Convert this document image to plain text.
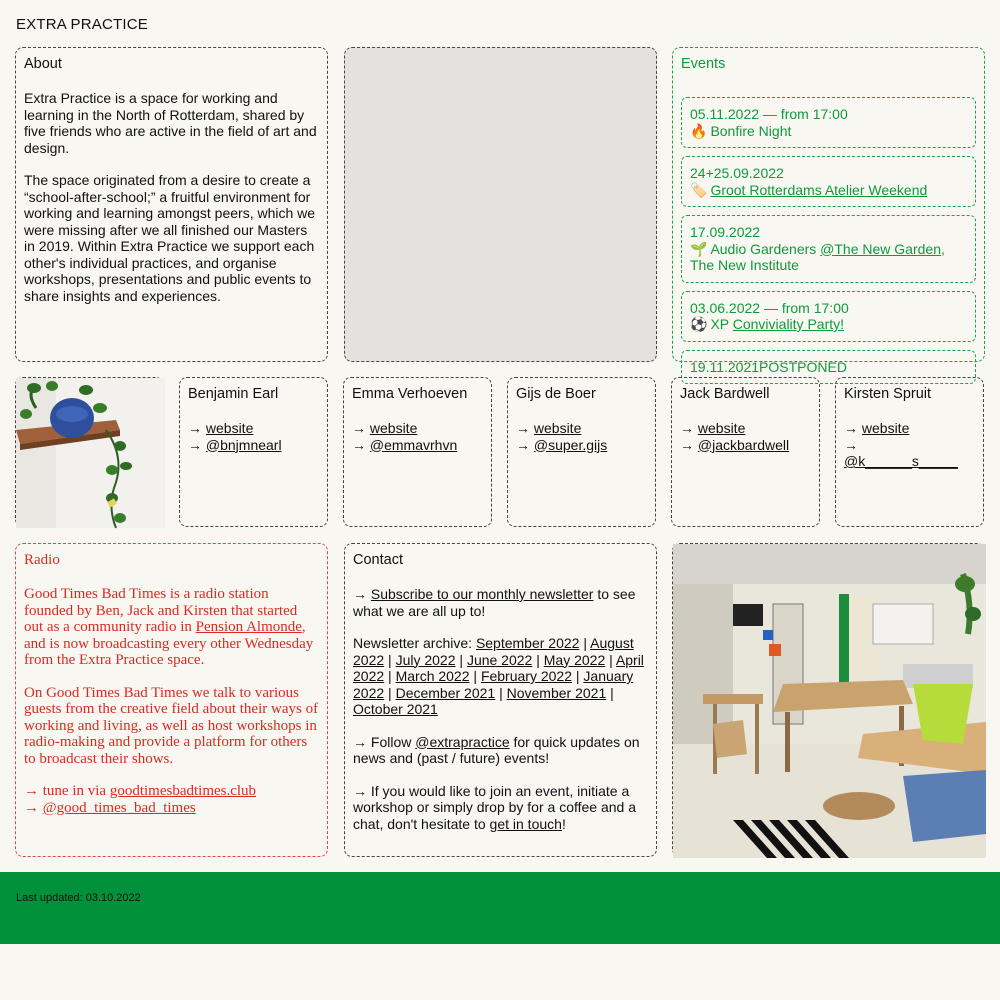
EXTRA PRACTICE
About

Extra Practice is a space for working and learning in the North of Rotterdam, shared by five friends who are active in the field of art and design.

The space originated from a desire to create a “school-after-school;” a fruitful environment for working and learning amongst peers, which we were missing after we all finished our Masters in 2019. Within Extra Practice we support each other's individual practices, and organise workshops, presentations and public events to share insights and experiences.

Events
05.11.2022 — from 17:00
🔥 Bonfire Night
24+25.09.2022
🏷️ Groot Rotterdams Atelier Weekend
17.09.2022
🌱 Audio Gardeners @The New Garden, The New Institute
03.06.2022 — from 17:00
⚽ XP Conviviality Party!
19.11.2021POSTPONED
Benjamin Earl
→ website
→ @bnjmnearl
Emma Verhoeven
→ website
→ @emmavrhvn
Gijs de Boer
→ website
→ @super.gijs
Jack Bardwell
→ website
→ @jackbardwell
Kirsten Spruit
→ website
→ @k______s_____
Radio

Good Times Bad Times is a radio station founded by Ben, Jack and Kirsten that started out as a community radio in Pension Almonde, and is now broadcasting every other Wednesday from the Extra Practice space.

On Good Times Bad Times we talk to various guests from the creative field about their ways of working and living, as well as host workshops in radio-making and provide a platform for others to broadcast their shows.

→ tune in via goodtimesbadtimes.club
→ @good_times_bad_times
Contact

→ Subscribe to our monthly newsletter to see what we are all up to!

Newsletter archive: September 2022 | August 2022 | July 2022 | June 2022 | May 2022 | April 2022 | March 2022 | February 2022 | January 2022 | December 2021 | November 2021 | October 2021

→ Follow @extrapractice for quick updates on news and (past / future) events!

→ If you would like to join an event, initiate a workshop or simply drop by for a coffee and a chat, don't hesitate to get in touch!

Last updated: 03.10.2022
